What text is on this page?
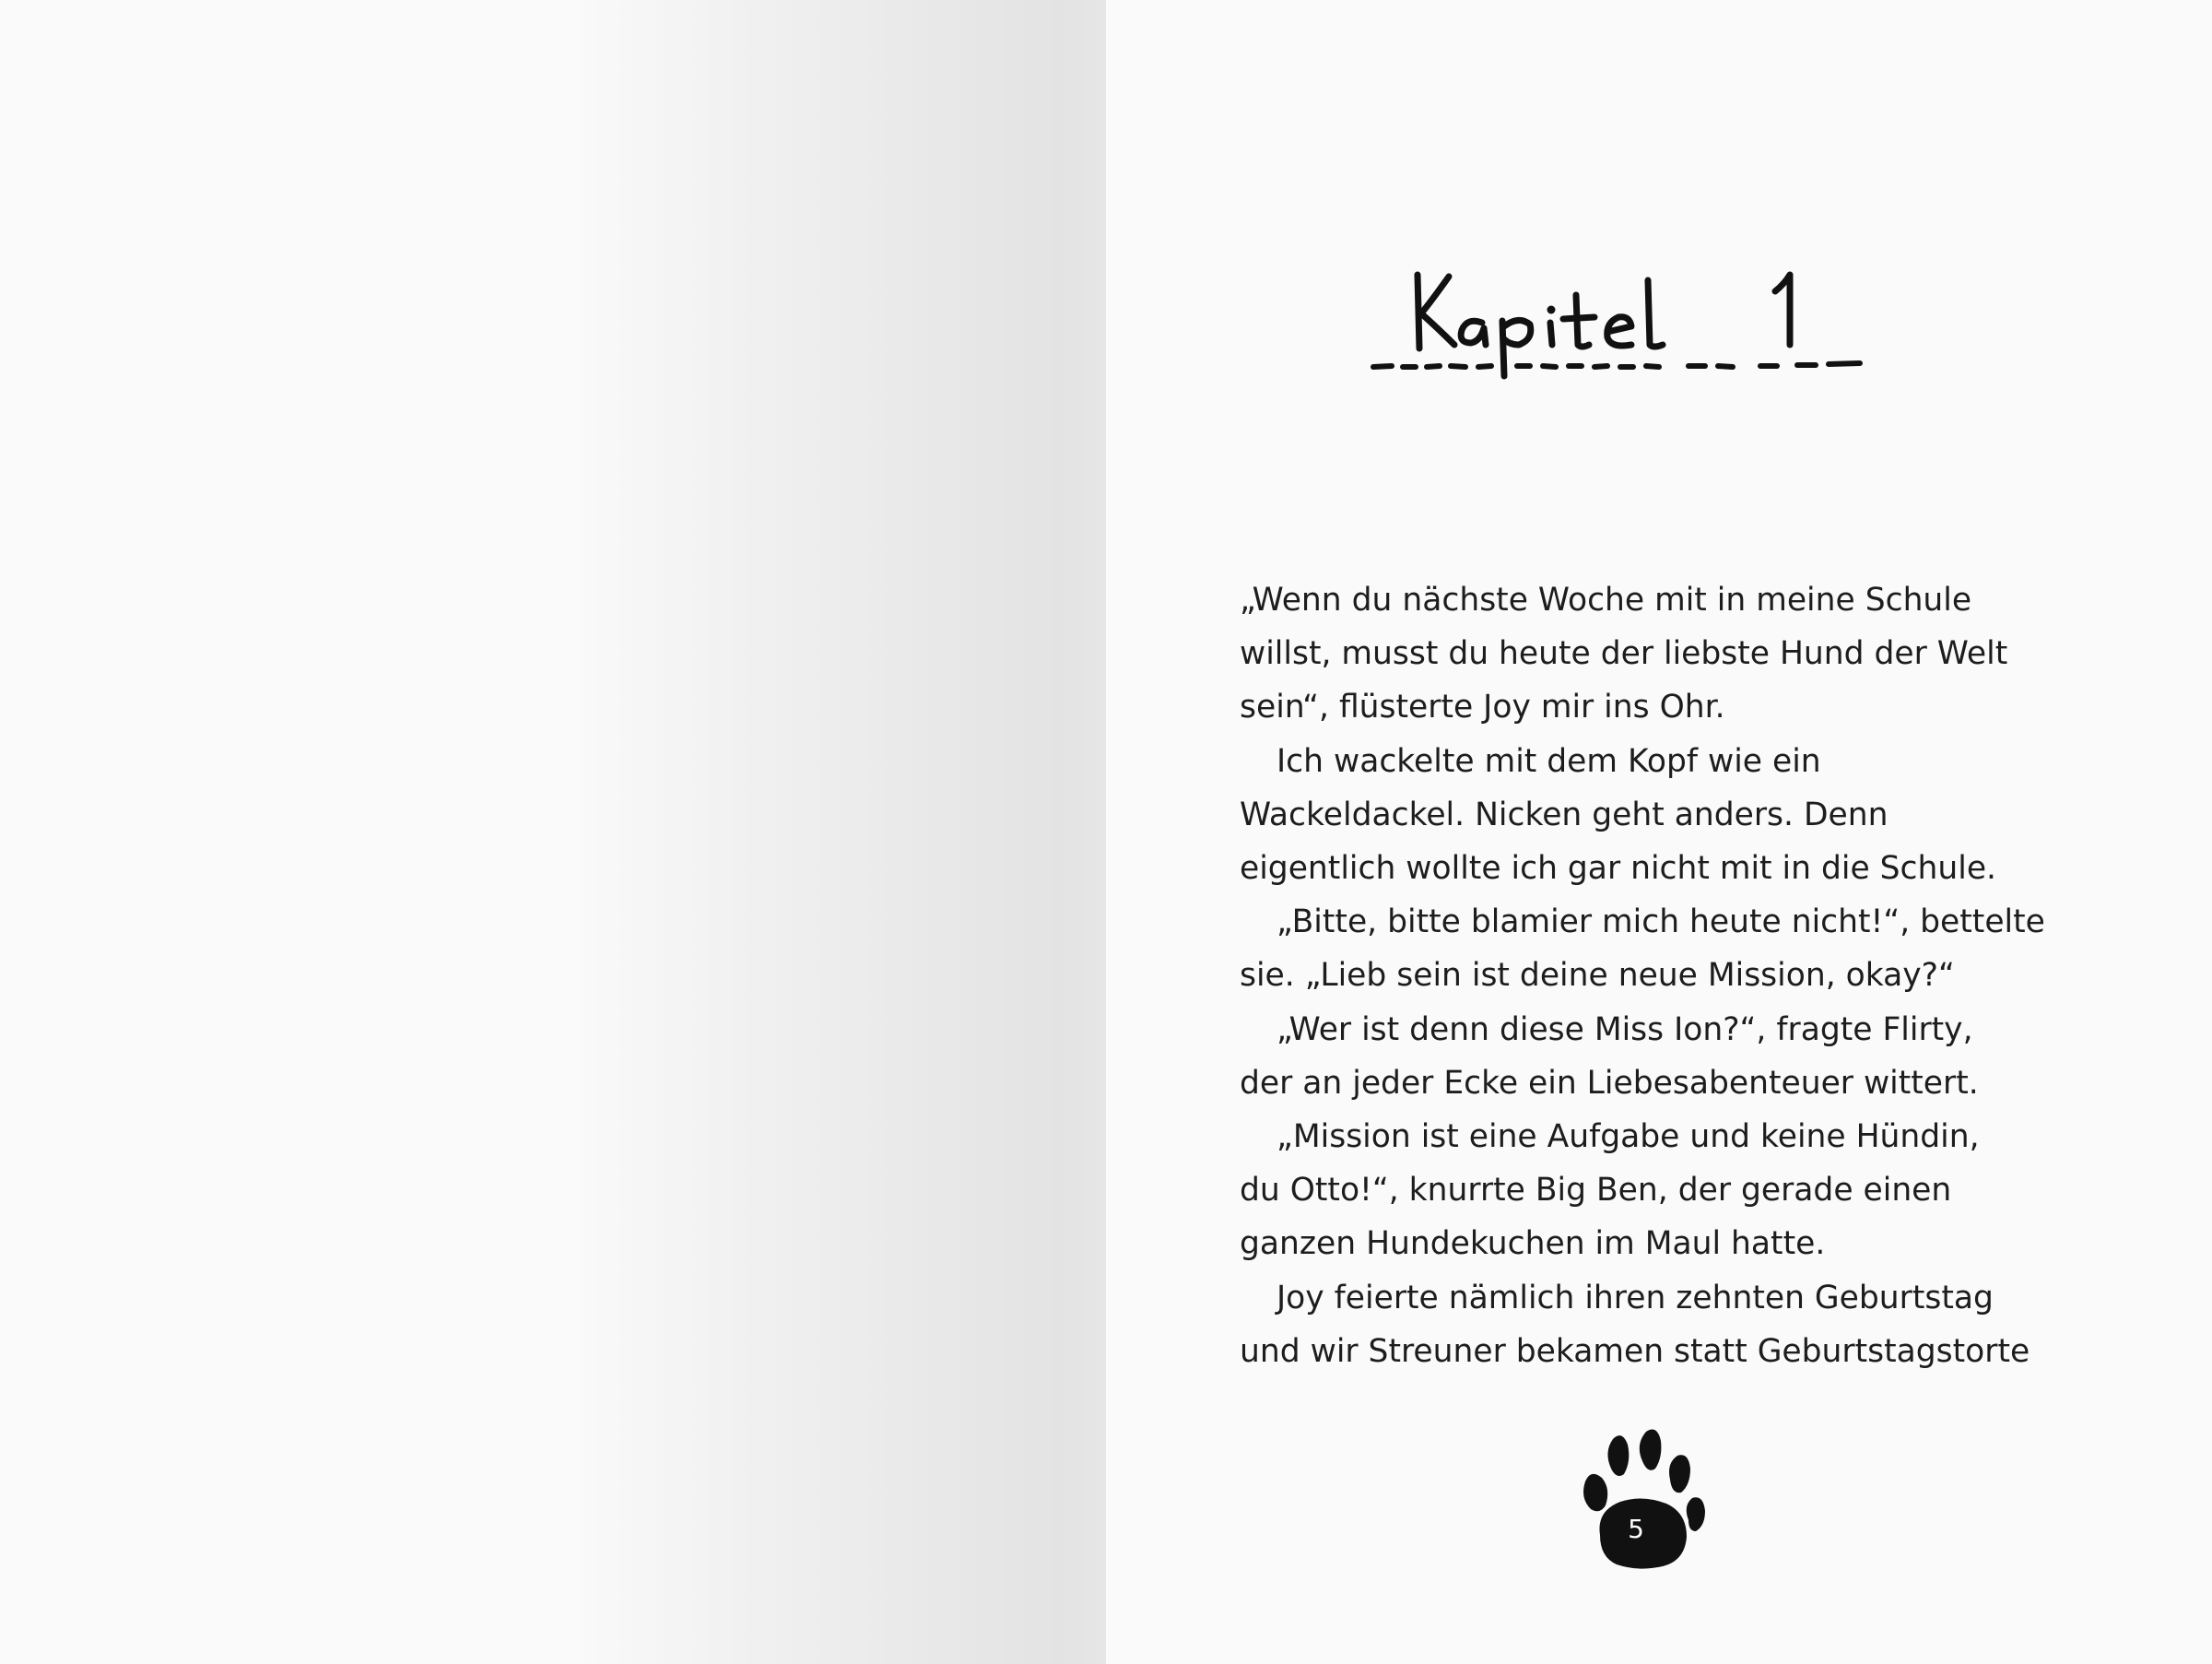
„Wenn du nächste Woche mit in meine Schule
willst, musst du heute der liebste Hund der Welt
sein“, flüsterte Joy mir ins Ohr.
Ich wackelte mit dem Kopf wie ein
Wackeldackel. Nicken geht anders. Denn
eigentlich wollte ich gar nicht mit in die Schule.
„Bitte, bitte blamier mich heute nicht!“, bettelte
sie. „Lieb sein ist deine neue Mission, okay?“
„Wer ist denn diese Miss Ion?“, fragte Flirty,
der an jeder Ecke ein Liebesabenteuer wittert.
„Mission ist eine Aufgabe und keine Hündin,
du Otto!“, knurrte Big Ben, der gerade einen
ganzen Hundekuchen im Maul hatte.
Joy feierte nämlich ihren zehnten Geburtstag
und wir Streuner bekamen statt Geburtstagstorte
5
